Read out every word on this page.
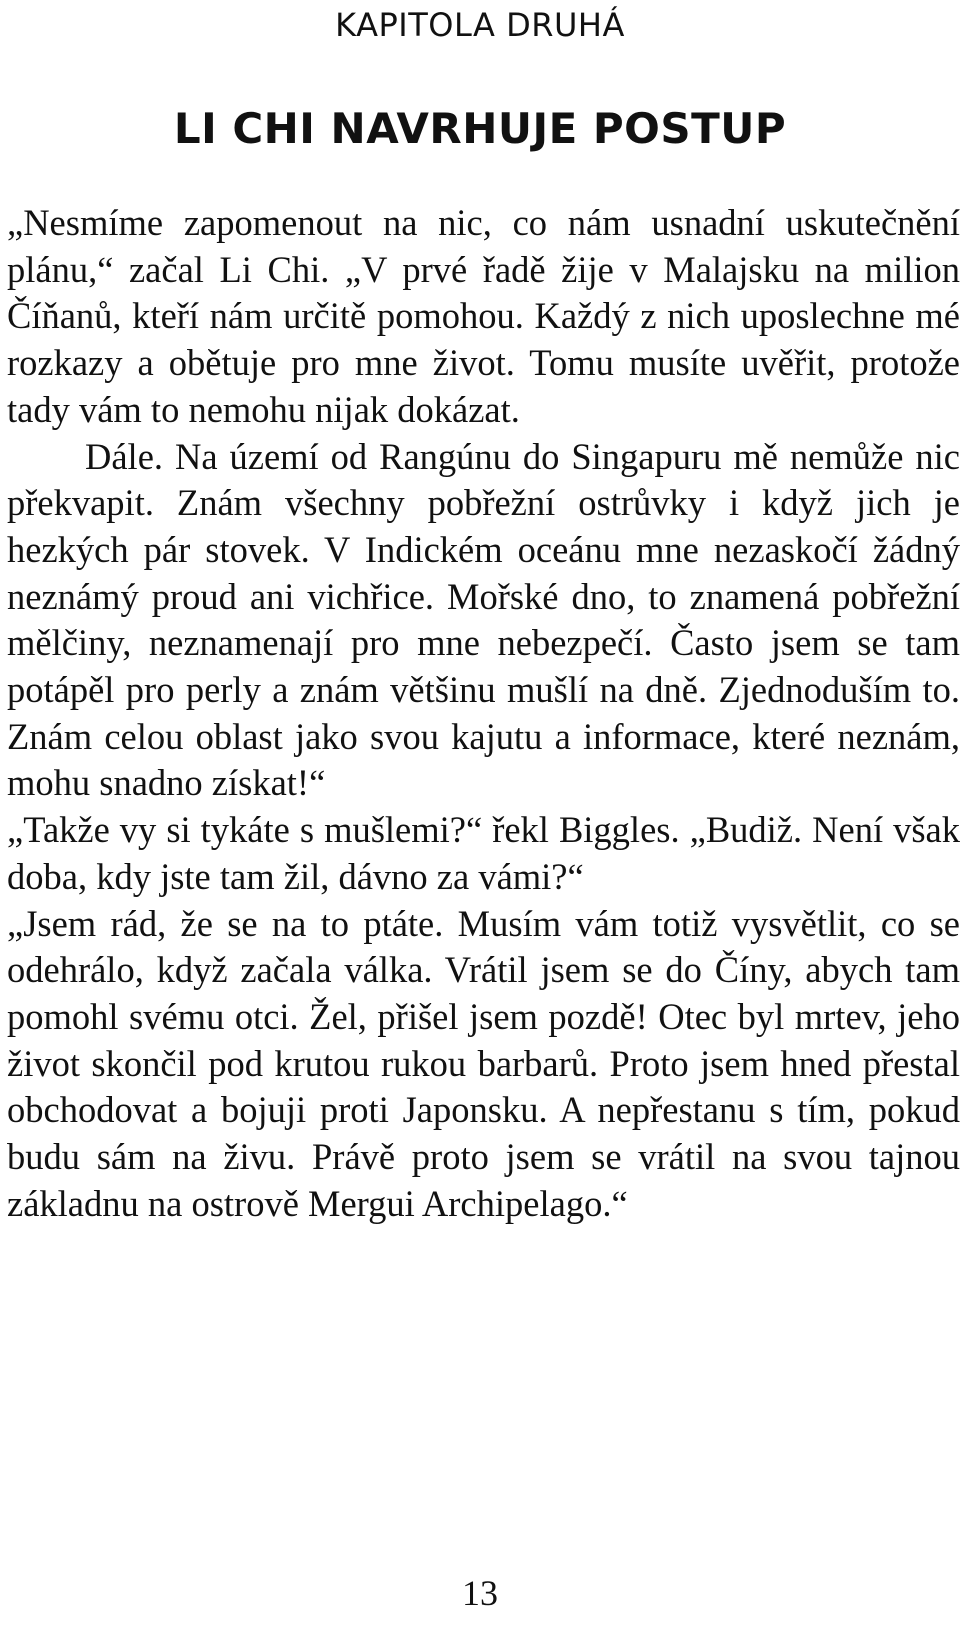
KAPITOLA DRUHÁ
LI CHI NAVRHUJE POSTUP

„Nesmíme zapomenout na nic, co nám usnadní uskutečnění plánu,“ začal Li Chi. „V prvé řadě žije v Malajsku na milion Číňanů, kteří nám určitě pomohou. Každý z nich uposlechne mé rozkazy a obětuje pro mne život. Tomu musíte uvěřit, protože tady vám to nemohu nijak dokázat.

Dále. Na území od Rangúnu do Singapuru mě nemůže nic překvapit. Znám všechny pobřežní ostrůvky i když jich je hezkých pár stovek. V Indickém oceánu mne nezaskočí žádný neznámý proud ani vichřice. Mořské dno, to znamená pobřežní mělčiny, neznamenají pro mne nebezpečí. Často jsem se tam potápěl pro perly a znám většinu mušlí na dně. Zjednoduším to. Znám celou oblast jako svou kajutu a informace, které neznám, mohu snadno získat!“

„Takže vy si tykáte s mušlemi?“ řekl Biggles. „Budiž. Není však doba, kdy jste tam žil, dávno za vámi?“

„Jsem rád, že se na to ptáte. Musím vám totiž vysvětlit, co se odehrálo, když začala válka. Vrátil jsem se do Číny, abych tam pomohl svému otci. Žel, přišel jsem pozdě! Otec byl mrtev, jeho život skončil pod krutou rukou barbarů. Proto jsem hned přestal obchodovat a bojuji proti Japonsku. A nepřestanu s tím, pokud budu sám na živu. Právě proto jsem se vrátil na svou tajnou základnu na ostrově Mergui Archipelago.“

13
